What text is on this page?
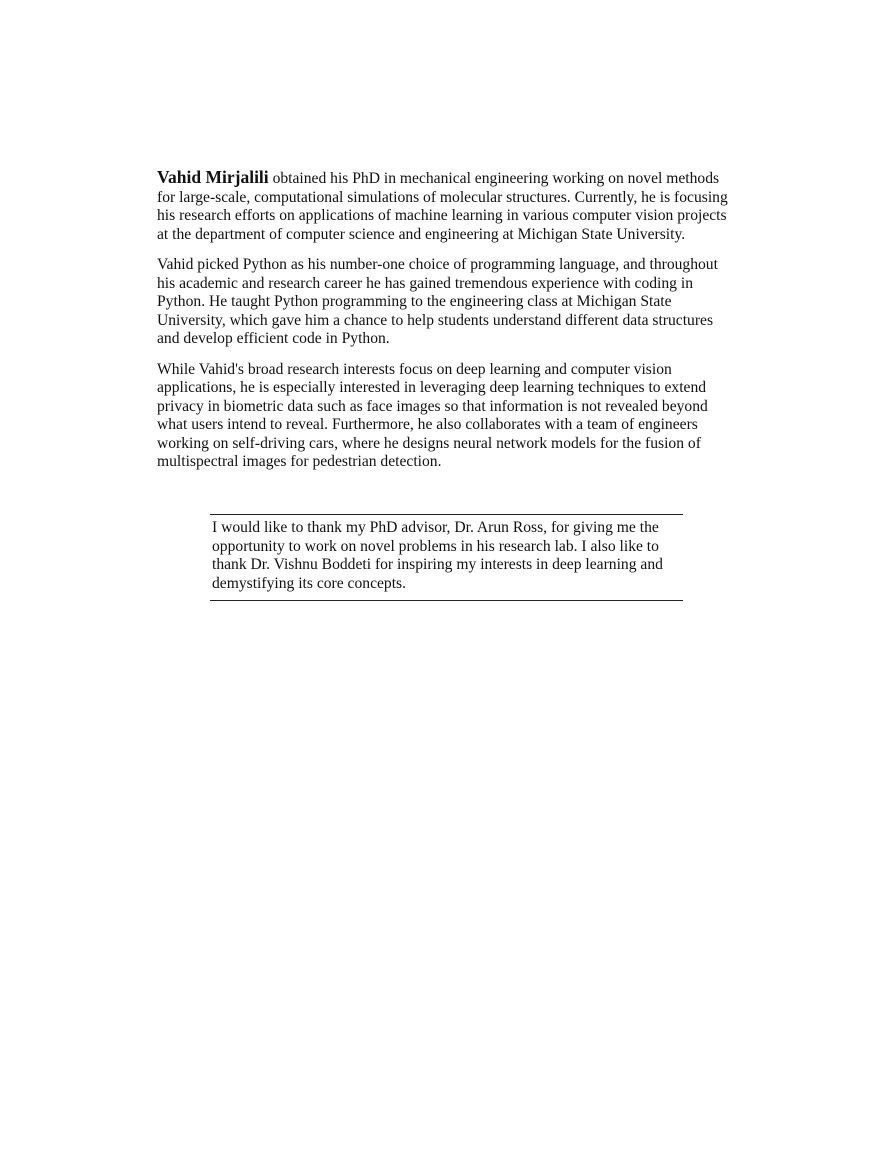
Vahid Mirjalili obtained his PhD in mechanical engineering working on novel methods for large-scale, computational simulations of molecular structures. Currently, he is focusing his research efforts on applications of machine learning in various computer vision projects at the department of computer science and engineering at Michigan State University.

Vahid picked Python as his number-one choice of programming language, and throughout his academic and research career he has gained tremendous experience with coding in Python. He taught Python programming to the engineering class at Michigan State University, which gave him a chance to help students understand different data structures and develop efficient code in Python.

While Vahid's broad research interests focus on deep learning and computer vision applications, he is especially interested in leveraging deep learning techniques to extend privacy in biometric data such as face images so that information is not revealed beyond what users intend to reveal. Furthermore, he also collaborates with a team of engineers working on self-driving cars, where he designs neural network models for the fusion of multispectral images for pedestrian detection.

I would like to thank my PhD advisor, Dr. Arun Ross, for giving me the opportunity to work on novel problems in his research lab. I also like to thank Dr. Vishnu Boddeti for inspiring my interests in deep learning and demystifying its core concepts.
